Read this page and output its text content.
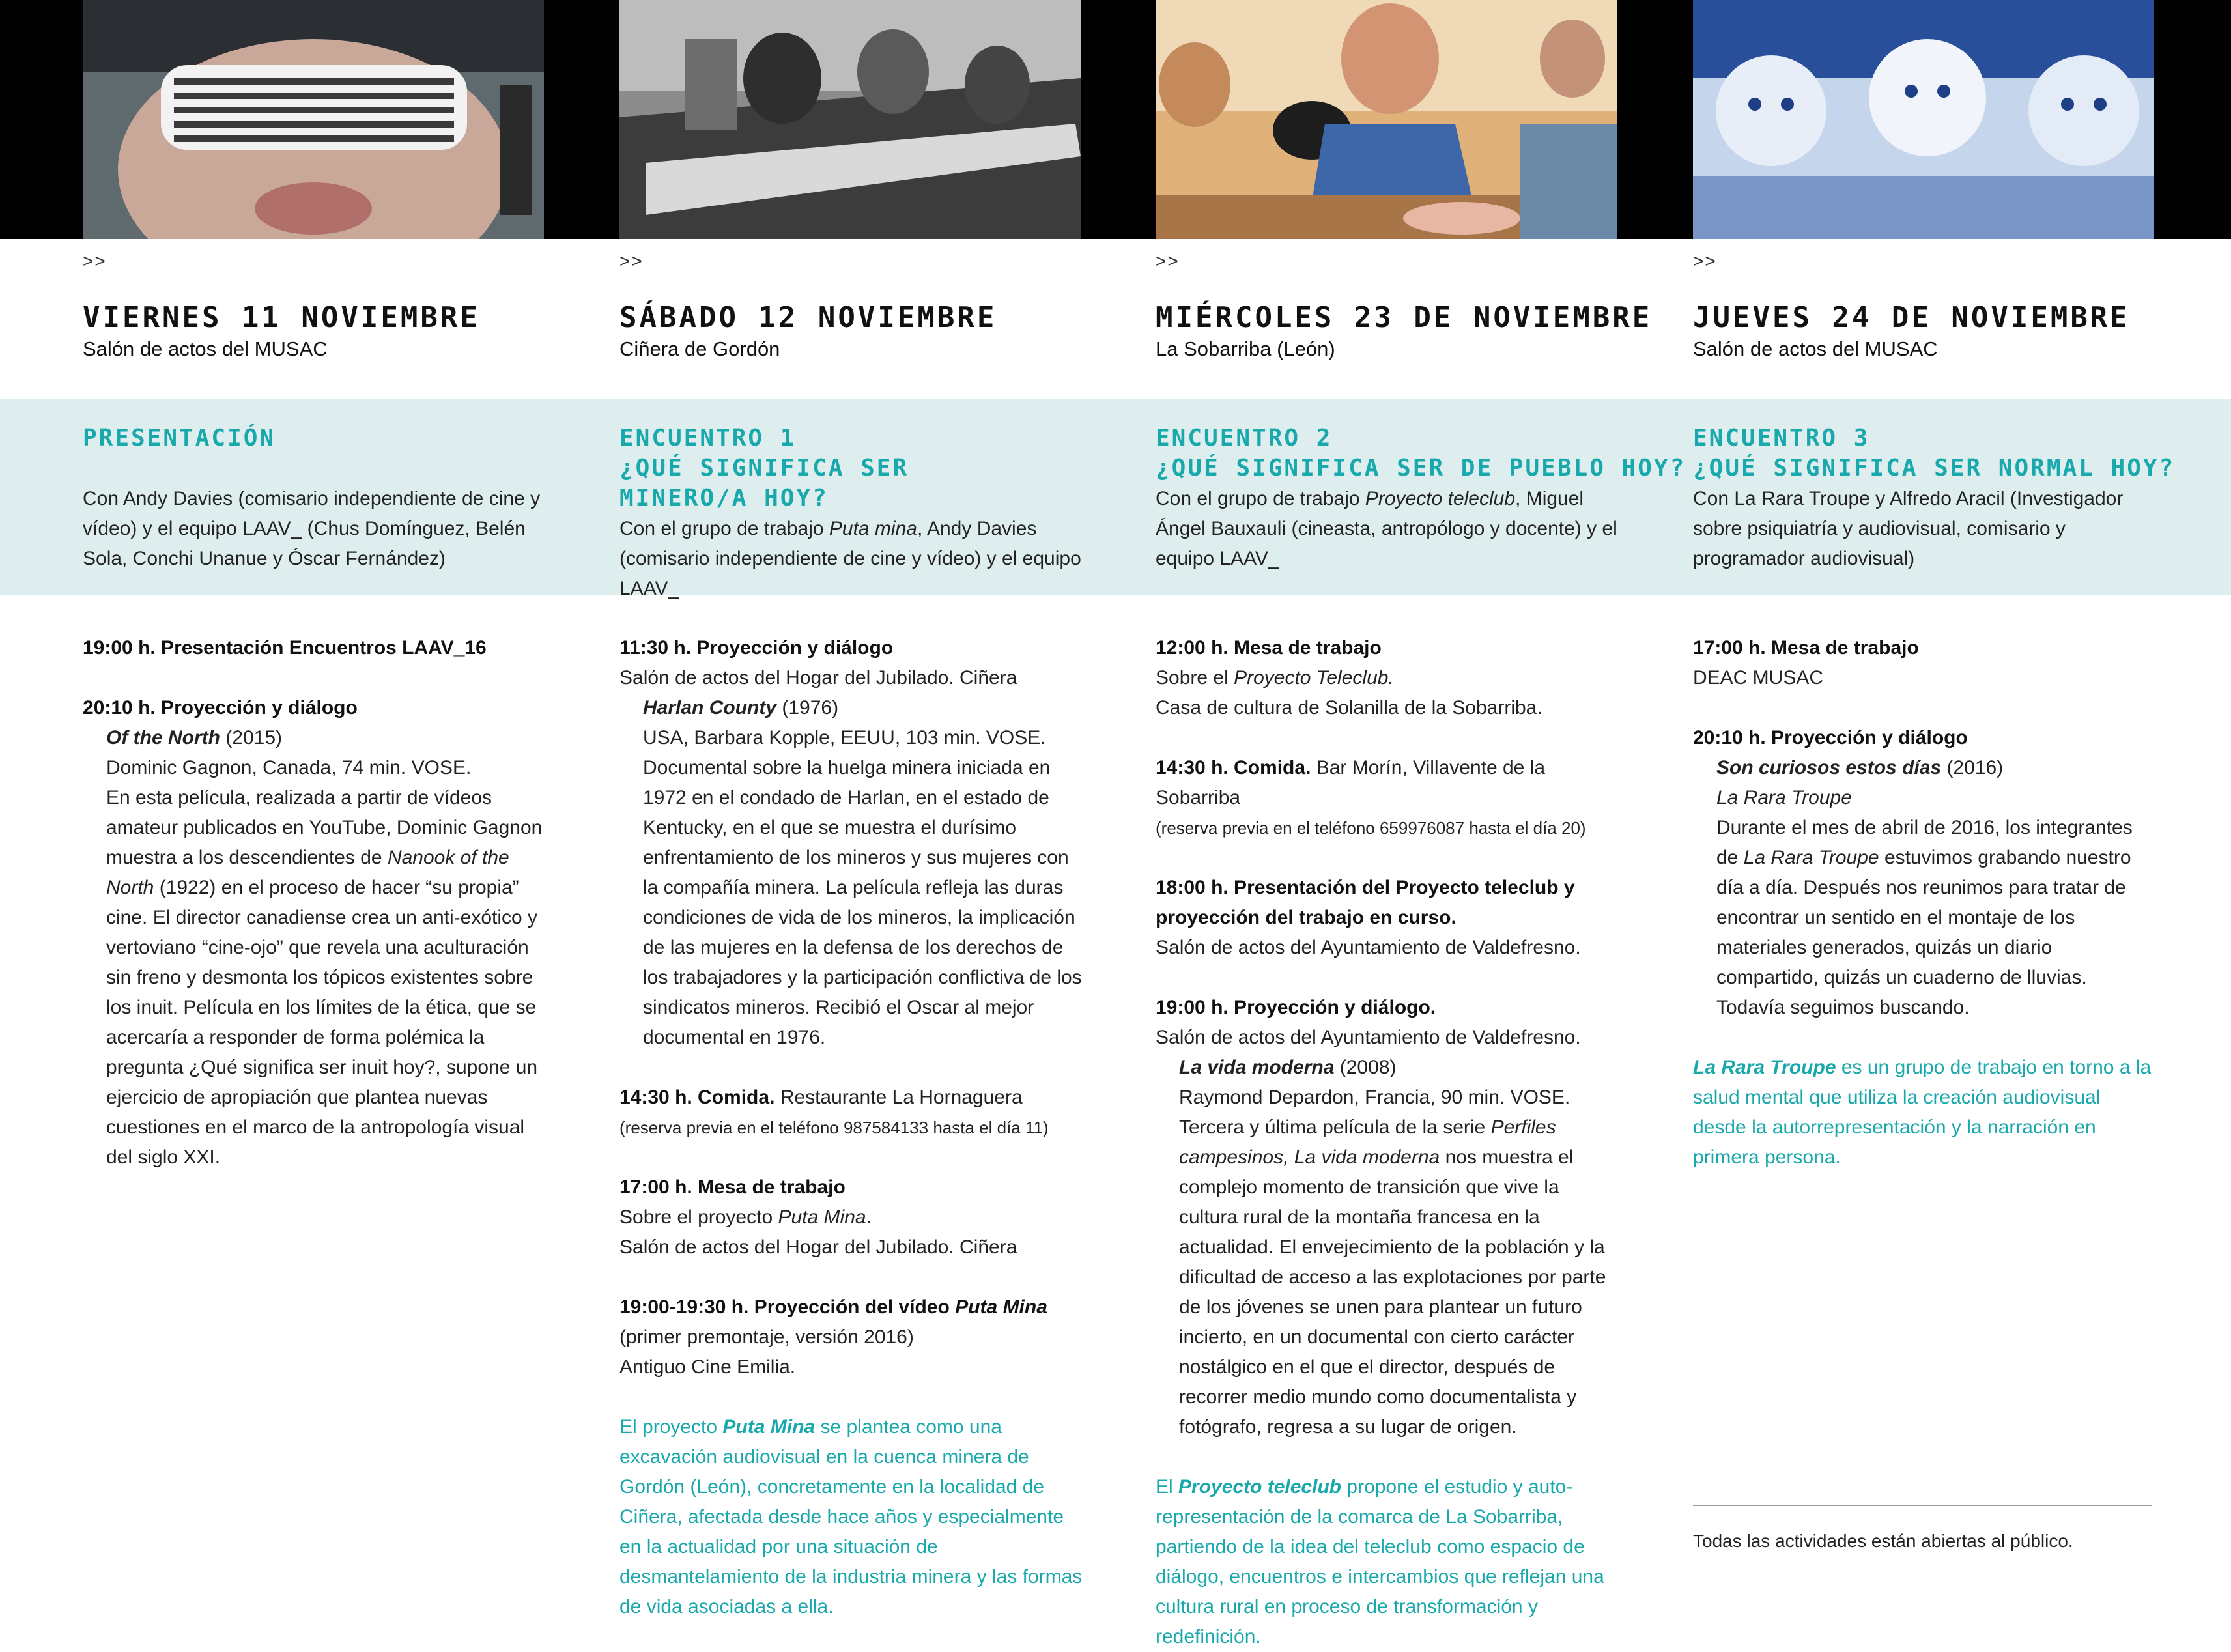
>>	>>	>>	>>
VIERNES 11 NOVIEMBRE	SÁBADO 12 NOVIEMBRE	MIÉRCOLES 23 DE NOVIEMBRE JUEVES 24 DE NOVIEMBRE
Salón de actos del MUSAC	Ciñera de Gordón	La Sobarriba (León)	Salón de actos del MUSAC
PRESENTACIÓN
Con Andy Davies (comisario independiente de cine y vídeo) y el equipo LAAV_ (Chus Domínguez, Belén Sola, Conchi Unanue y Óscar Fernández)
ENCUENTRO 1
¿QUÉ SIGNIFICA SER MINERO/A HOY?
Con el grupo de trabajo Puta mina, Andy Davies (comisario independiente de cine y vídeo) y el equipo LAAV_
ENCUENTRO 2
¿QUÉ SIGNIFICA SER DE PUEBLO HOY?
Con el grupo de trabajo Proyecto teleclub, Miguel Ángel Bauxauli (cineasta, antropólogo y docente) y el equipo LAAV_
ENCUENTRO 3
¿QUÉ SIGNIFICA SER NORMAL HOY?
Con La Rara Troupe y Alfredo Aracil (Investigador sobre psiquiatría y audiovisual, comisario y programador audiovisual)

19:00 h. Presentación Encuentros LAAV_16

20:10 h. Proyección y diálogo

Of the North (2015)

Dominic Gagnon, Canada, 74 min. VOSE.

En esta película, realizada a partir de vídeos amateur publicados en YouTube, Dominic Gagnon muestra a los descendientes de Nanook of the North (1922) en el proceso de hacer “su propia” cine. El director canadiense crea un anti-exótico y vertoviano “cine-ojo” que revela una aculturación sin freno y desmonta los tópicos existentes sobre los inuit. Película en los límites de la ética, que se acercaría a responder de forma polémica la pregunta ¿Qué significa ser inuit hoy?, supone un ejercicio de apropiación que plantea nuevas cuestiones en el marco de la antropología visual del siglo XXI.

11:30 h. Proyección y diálogo

Salón de actos del Hogar del Jubilado. Ciñera

Harlan County (1976)

USA, Barbara Kopple, EEUU, 103 min. VOSE.

Documental sobre la huelga minera iniciada en 1972 en el condado de Harlan, en el estado de Kentucky, en el que se muestra el durísimo enfrentamiento de los mineros y sus mujeres con la compañía minera. La película refleja las duras condiciones de vida de los mineros, la implicación de las mujeres en la defensa de los derechos de los trabajadores y la participación conflictiva de los sindicatos mineros. Recibió el Oscar al mejor documental en 1976.

14:30 h. Comida. Restaurante La Hornaguera

(reserva previa en el teléfono 987584133 hasta el día 11)

17:00 h. Mesa de trabajo

Sobre el proyecto Puta Mina.

Salón de actos del Hogar del Jubilado. Ciñera

19:00-19:30 h. Proyección del vídeo Puta Mina

(primer premontaje, versión 2016)

Antiguo Cine Emilia.

El proyecto Puta Mina se plantea como una excavación audiovisual en la cuenca minera de Gordón (León), concretamente en la localidad de Ciñera, afectada desde hace años y especialmente en la actualidad por una situación de desmantelamiento de la industria minera y las formas de vida asociadas a ella.

12:00 h. Mesa de trabajo

Sobre el Proyecto Teleclub.

Casa de cultura de Solanilla de la Sobarriba.

14:30 h. Comida. Bar Morín, Villavente de la Sobarriba

(reserva previa en el teléfono 659976087 hasta el día 20)

18:00 h. Presentación del Proyecto teleclub y proyección del trabajo en curso.

Salón de actos del Ayuntamiento de Valdefresno.

19:00 h. Proyección y diálogo.

Salón de actos del Ayuntamiento de Valdefresno.

La vida moderna (2008)

Raymond Depardon, Francia, 90 min. VOSE.

Tercera y última película de la serie Perfiles campesinos, La vida moderna nos muestra el complejo momento de transición que vive la cultura rural de la montaña francesa en la actualidad. El envejecimiento de la población y la dificultad de acceso a las explotaciones por parte de los jóvenes se unen para plantear un futuro incierto, en un documental con cierto carácter nostálgico en el que el director, después de recorrer medio mundo como documentalista y fotógrafo, regresa a su lugar de origen.

El Proyecto teleclub propone el estudio y auto-representación de la comarca de La Sobarriba, partiendo de la idea del teleclub como espacio de diálogo, encuentros e intercambios que reflejan una cultura rural en proceso de transformación y redefinición.

17:00 h. Mesa de trabajo

DEAC MUSAC

20:10 h. Proyección y diálogo

Son curiosos estos días (2016)

La Rara Troupe

Durante el mes de abril de 2016, los integrantes de La Rara Troupe estuvimos grabando nuestro día a día. Después nos reunimos para tratar de encontrar un sentido en el montaje de los materiales generados, quizás un diario compartido, quizás un cuaderno de lluvias. Todavía seguimos buscando.

La Rara Troupe es un grupo de trabajo en torno a la salud mental que utiliza la creación audiovisual desde la autorrepresentación y la narración en primera persona.

Todas las actividades están abiertas al público.
